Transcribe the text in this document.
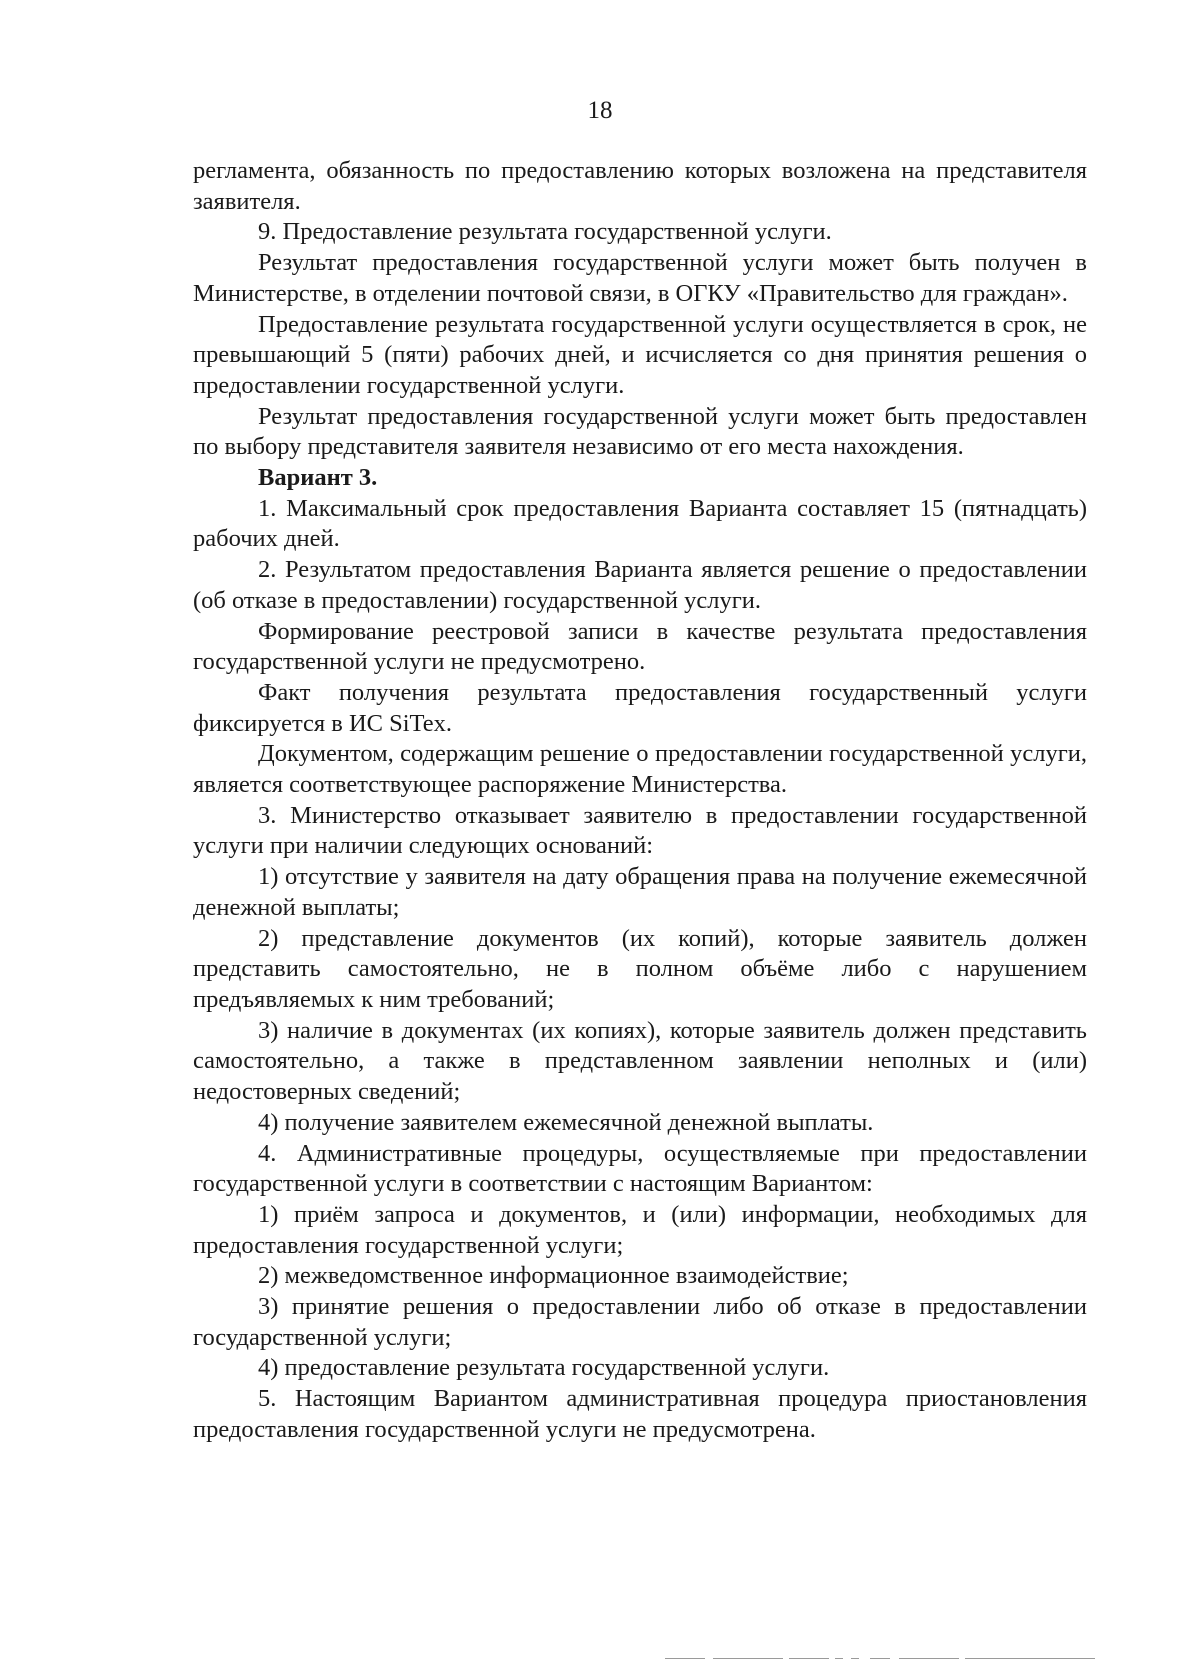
18

регламента, обязанность по предоставлению которых возложена на представителя заявителя.

9. Предоставление результата государственной услуги.

Результат предоставления государственной услуги может быть получен в Министерстве, в отделении почтовой связи, в ОГКУ «Правительство для граждан».

Предоставление результата государственной услуги осуществляется в срок, не превышающий 5 (пяти) рабочих дней, и исчисляется со дня принятия решения о предоставлении государственной услуги.

Результат предоставления государственной услуги может быть предоставлен по выбору представителя заявителя независимо от его места нахождения.

Вариант 3.

1. Максимальный срок предоставления Варианта составляет 15 (пятнадцать) рабочих дней.

2. Результатом предоставления Варианта является решение о предоставлении (об отказе в предоставлении) государственной услуги.

Формирование реестровой записи в качестве результата предоставления государственной услуги не предусмотрено.

Факт получения результата предоставления государственный услуги фиксируется в ИС SiTex.

Документом, содержащим решение о предоставлении государственной услуги, является соответствующее распоряжение Министерства.

3. Министерство отказывает заявителю в предоставлении государственной услуги при наличии следующих оснований:

1) отсутствие у заявителя на дату обращения права на получение ежемесячной денежной выплаты;

2) представление документов (их копий), которые заявитель должен представить самостоятельно, не в полном объёме либо с нарушением предъявляемых к ним требований;

3) наличие в документах (их копиях), которые заявитель должен представить самостоятельно, а также в представленном заявлении неполных и (или) недостоверных сведений;

4) получение заявителем ежемесячной денежной выплаты.

4. Административные процедуры, осуществляемые при предоставлении государственной услуги в соответствии с настоящим Вариантом:

1) приём запроса и документов, и (или) информации, необходимых для предоставления государственной услуги;

2) межведомственное информационное взаимодействие;

3) принятие решения о предоставлении либо об отказе в предоставлении государственной услуги;

4) предоставление результата государственной услуги.

5. Настоящим Вариантом административная процедура приостановления предоставления государственной услуги не предусмотрена.
